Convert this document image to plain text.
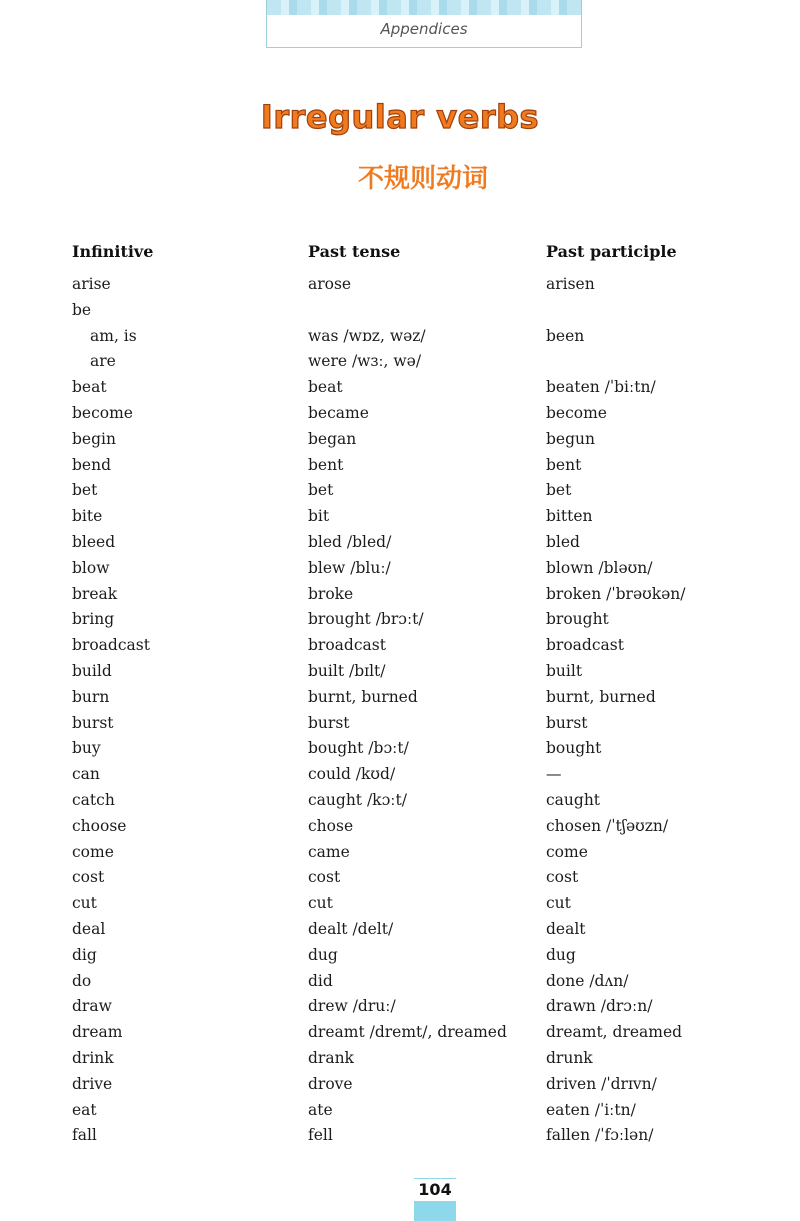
Appendices
Irregular verbs
不规则动词
Infinitive	Past tense	Past participle
arise
be
am, is
are
beat
become
begin
bend
bet
bite
bleed
blow
break
bring
broadcast
build
burn
burst
buy
can
catch
choose
come
cost
cut
deal
dig
do
draw
dream
drink
drive
eat
fall
arose
was /wɒz, wəz/
were /wɜː, wə/
beat
became
began
bent
bet
bit
bled /bled/
blew /bluː/
broke
brought /brɔːt/
broadcast
built /bɪlt/
burnt, burned
burst
bought /bɔːt/
could /kʊd/
caught /kɔːt/
chose
came
cost
cut
dealt /delt/
dug
did
drew /druː/
dreamt /dremt/, dreamed
drank
drove
ate
fell
arisen
been
beaten /ˈbiːtn/
become
begun
bent
bet
bitten
bled
blown /bləʊn/
broken /ˈbrəʊkən/
brought
broadcast
built
burnt, burned
burst
bought
—
caught
chosen /ˈtʃəʊzn/
come
cost
cut
dealt
dug
done /dʌn/
drawn /drɔːn/
dreamt, dreamed
drunk
driven /ˈdrɪvn/
eaten /ˈiːtn/
fallen /ˈfɔːlən/
104
